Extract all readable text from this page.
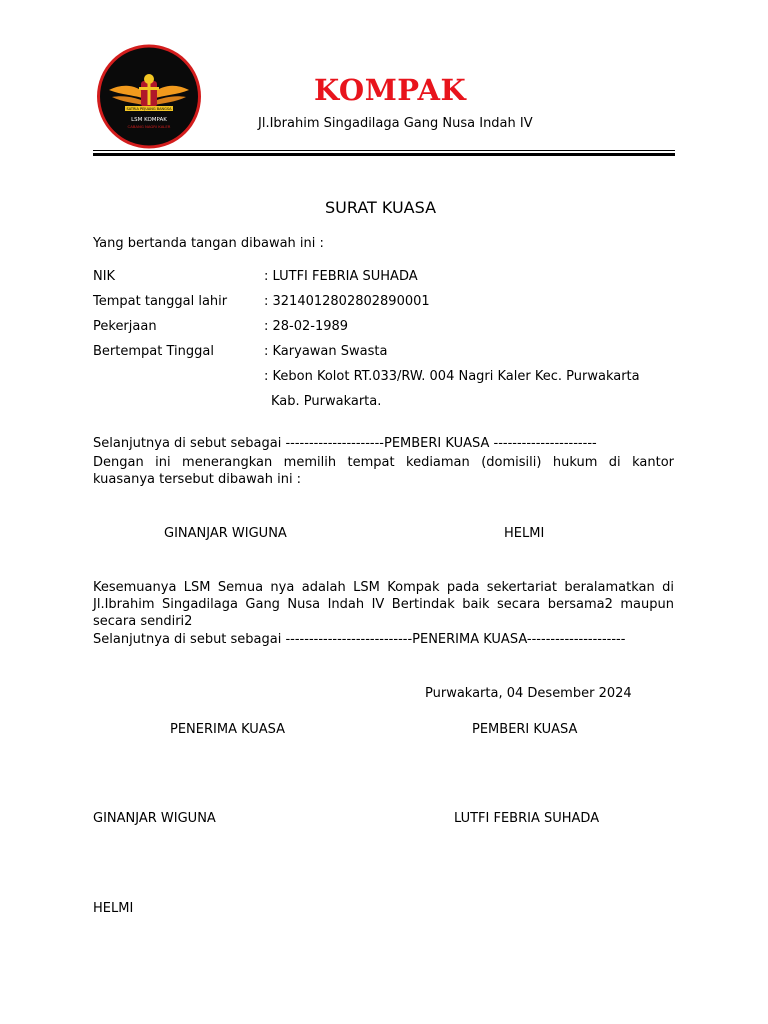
SATRIA PEJUANG BANGSA
LSM KOMPAK
CABANG NAGRI KALER
KOMPAK
Jl.Ibrahim Singadilaga Gang Nusa Indah IV
SURAT KUASA
Yang bertanda tangan dibawah ini :
NIK	: LUTFI FEBRIA SUHADA
Tempat tanggal lahir	: 3214012802802890001
Pekerjaan	: 28-02-1989
Bertempat Tinggal	: Karyawan Swasta
: Kebon Kolot RT.033/RW. 004 Nagri Kaler Kec. Purwakarta
Kab. Purwakarta.
Selanjutnya di sebut sebagai ---------------------PEMBERI KUASA ----------------------
Dengan ini menerangkan memilih tempat kediaman (domisili) hukum di kantor kuasanya tersebut dibawah ini :
GINANJAR WIGUNA	HELMI
Kesemuanya LSM Semua nya adalah LSM Kompak pada sekertariat beralamatkan di Jl.Ibrahim Singadilaga Gang Nusa Indah IV Bertindak baik secara bersama2 maupun secara sendiri2
Selanjutnya di sebut sebagai ---------------------------PENERIMA KUASA---------------------
Purwakarta, 04 Desember 2024
PENERIMA KUASA	PEMBERI KUASA
GINANJAR WIGUNA	LUTFI FEBRIA SUHADA
HELMI
